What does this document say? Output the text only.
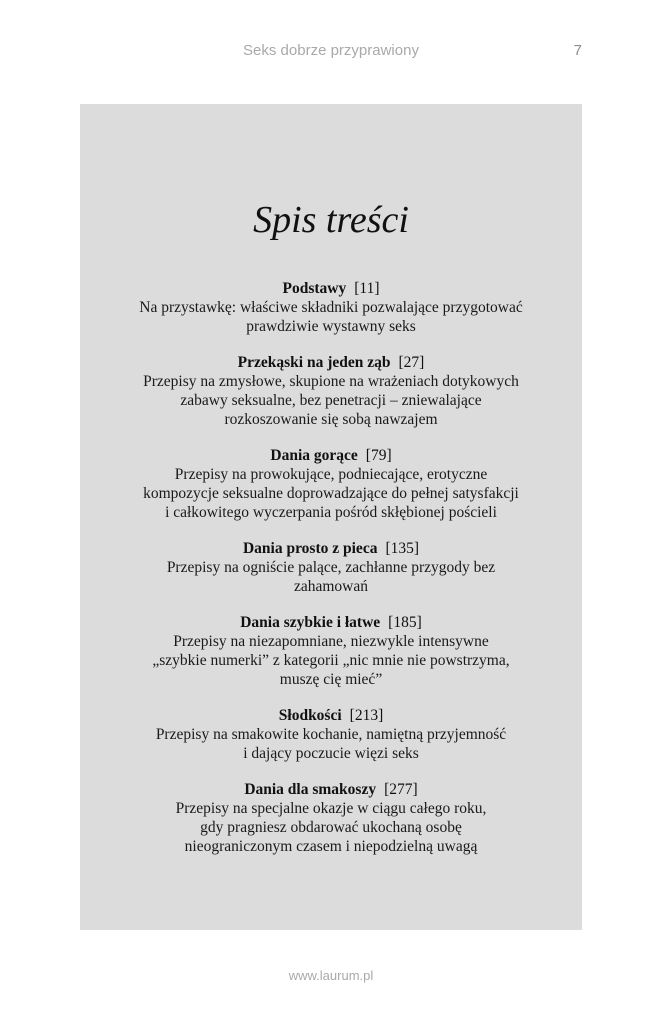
Seks dobrze przyprawiony	7
Spis treści
Podstawy [11]
Na przystawkę: właściwe składniki pozwalające przygotować
prawdziwie wystawny seks
Przekąski na jeden ząb [27]
Przepisy na zmysłowe, skupione na wrażeniach dotykowych
zabawy seksualne, bez penetracji – zniewalające
rozkoszowanie się sobą nawzajem
Dania gorące [79]
Przepisy na prowokujące, podniecające, erotyczne
kompozycje seksualne doprowadzające do pełnej satysfakcji
i całkowitego wyczerpania pośród skłębionej pościeli
Dania prosto z pieca [135]
Przepisy na ogniście palące, zachłanne przygody bez
zahamowań
Dania szybkie i łatwe [185]
Przepisy na niezapomniane, niezwykle intensywne
„szybkie numerki” z kategorii „nic mnie nie powstrzyma,
muszę cię mieć”
Słodkości [213]
Przepisy na smakowite kochanie, namiętną przyjemność
i dający poczucie więzi seks
Dania dla smakoszy [277]
Przepisy na specjalne okazje w ciągu całego roku,
gdy pragniesz obdarować ukochaną osobę
nieograniczonym czasem i niepodzielną uwagą
www.laurum.pl
